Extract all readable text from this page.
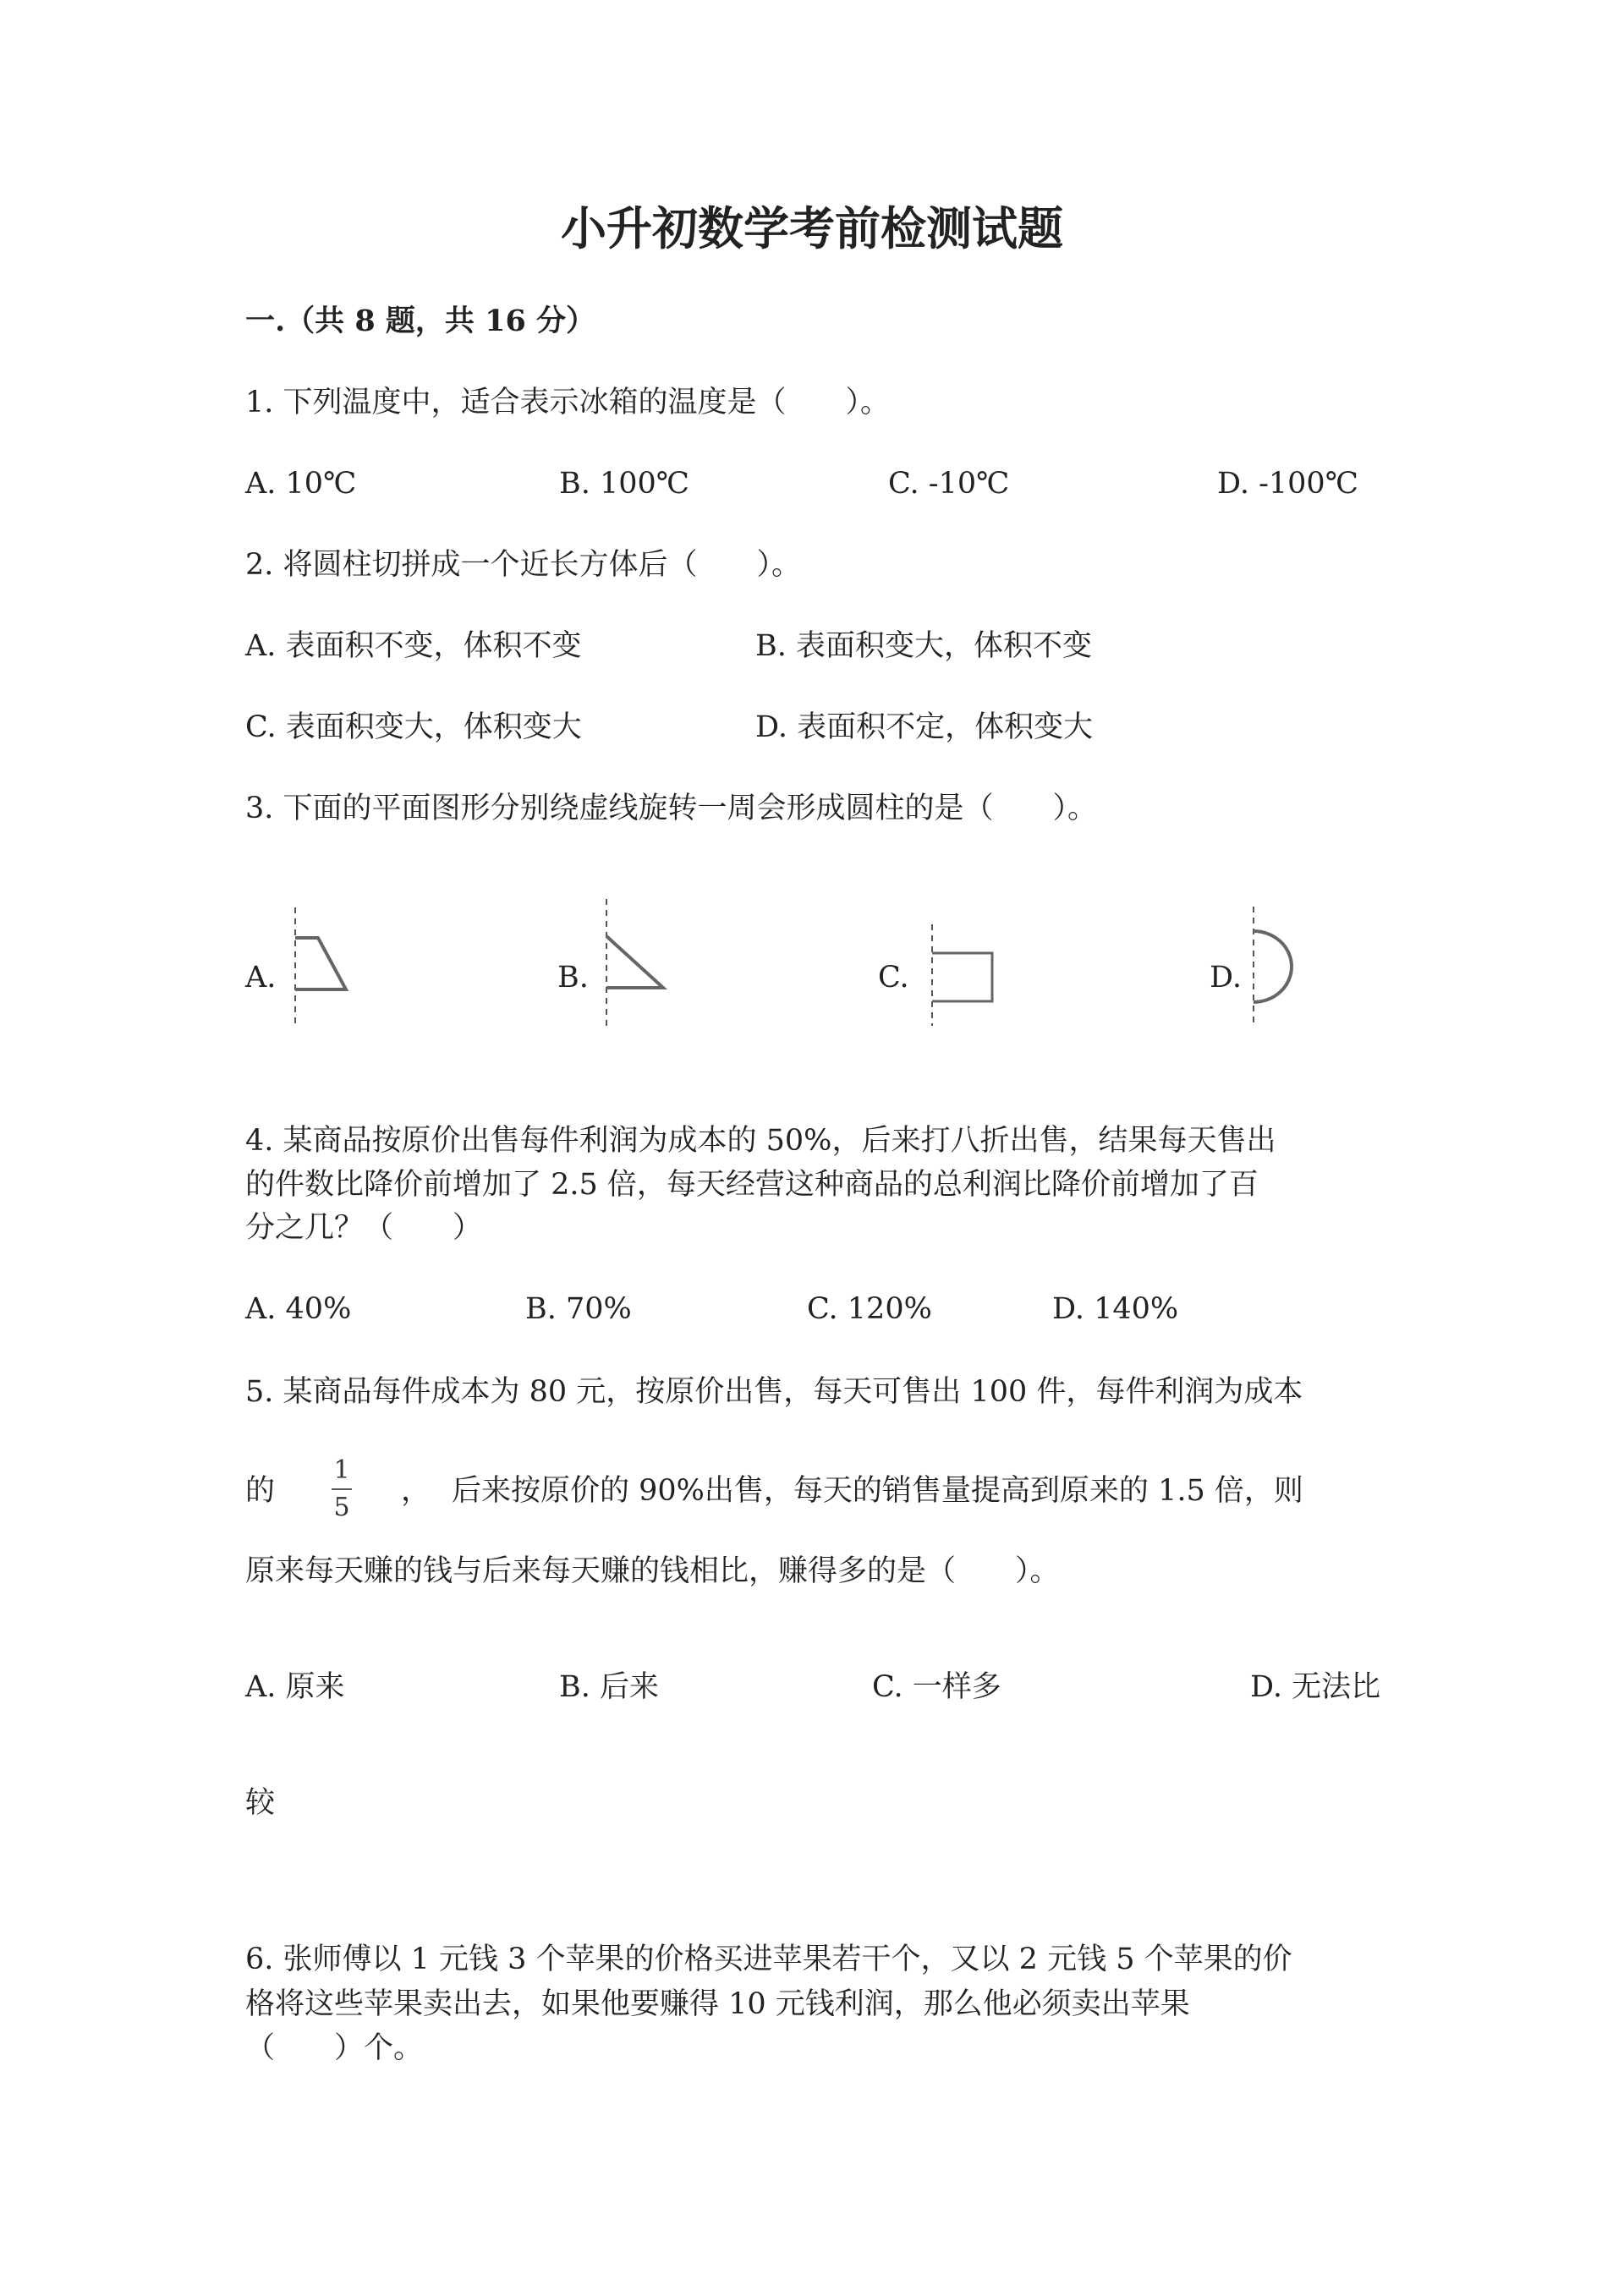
小升初数学考前检测试题
一.（共 8 题，共 16 分）
1. 下列温度中，适合表示冰箱的温度是（　　）。
A. 10℃	B. 100℃	C. -10℃	D. -100℃
2. 将圆柱切拼成一个近长方体后（　　）。
A. 表面积不变，体积不变	B. 表面积变大，体积不变
C. 表面积变大，体积变大	D. 表面积不定，体积变大
3. 下面的平面图形分别绕虚线旋转一周会形成圆柱的是（　　）。
A.	B.	C.	D.
4. 某商品按原价出售每件利润为成本的 50%，后来打八折出售，结果每天售出
的件数比降价前增加了 2.5 倍，每天经营这种商品的总利润比降价前增加了百
分之几？（　　）
A. 40%	B. 70%	C. 120%	D. 140%
5. 某商品每件成本为 80 元，按原价出售，每天可售出 100 件，每件利润为成本
的
1
5 ， 后来按原价的 90%出售，每天的销售量提高到原来的 1.5 倍，则
原来每天赚的钱与后来每天赚的钱相比，赚得多的是（　　）。
A. 原来	B. 后来	C. 一样多	D. 无法比
较
6. 张师傅以 1 元钱 3 个苹果的价格买进苹果若干个，又以 2 元钱 5 个苹果的价
格将这些苹果卖出去，如果他要赚得 10 元钱利润，那么他必须卖出苹果
（　　）个。
